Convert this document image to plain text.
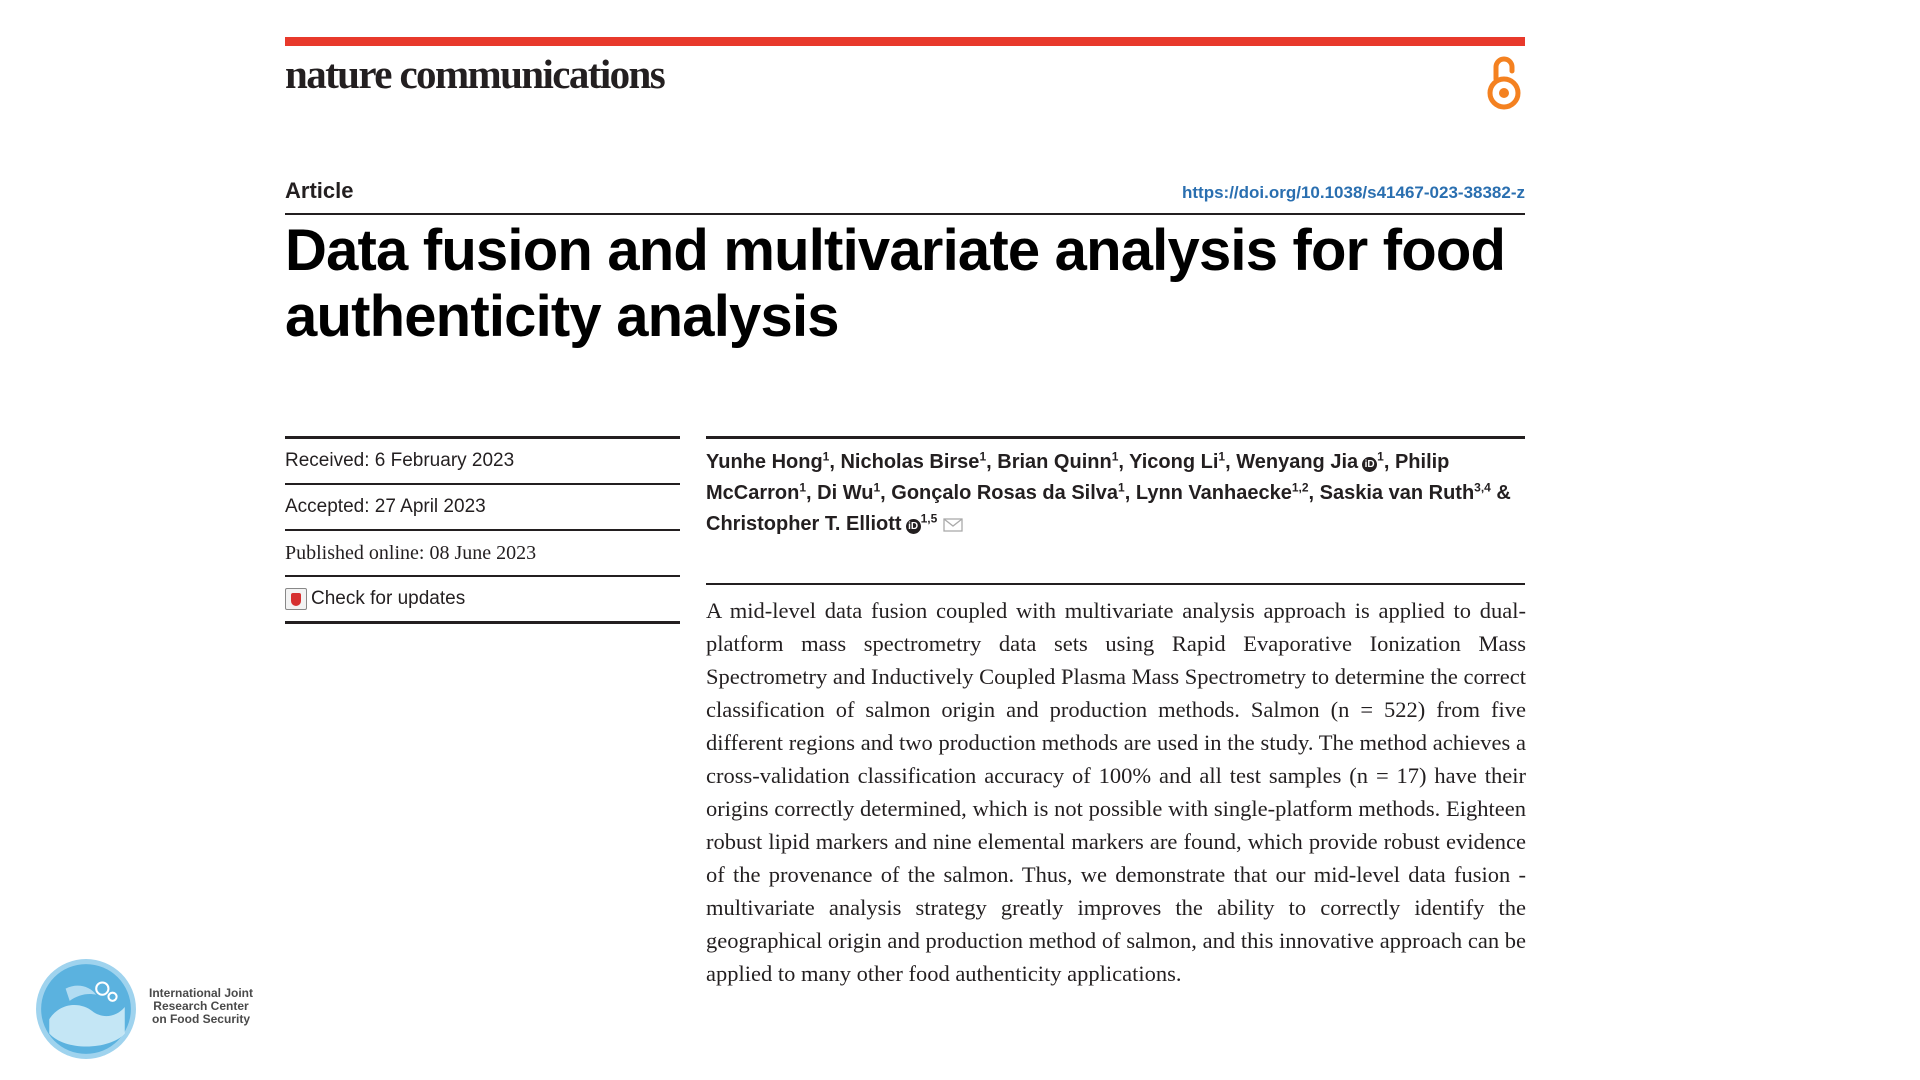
nature communications
Article	https://doi.org/10.1038/s41467-023-38382-z
Data fusion and multivariate analysis for food authenticity analysis
Received: 6 February 2023
Accepted: 27 April 2023
Published online: 08 June 2023
Check for updates

Yunhe Hong$^1$, Nicholas Birse$^1$, Brian Quinn$^1$, Yicong Li$^1$, Wenyang Jia $iD^1$, Philip McCarron$^1$, Di Wu$^1$, Gonçalo Rosas da Silva$^1$, Lynn Vanhaecke$^{1,2}$, Saskia van Ruth$^{3,4}$ & Christopher T. Elliott iD$^{1,5}$

A mid-level data fusion coupled with multivariate analysis approach is applied to dual-platform mass spectrometry data sets using Rapid Evaporative Ionization Mass Spectrometry and Inductively Coupled Plasma Mass Spectrometry to determine the correct classification of salmon origin and production methods. Salmon (n = 522) from five different regions and two production methods are used in the study. The method achieves a cross-validation classification accuracy of 100% and all test samples (n = 17) have their origins correctly determined, which is not possible with single-platform methods. Eighteen robust lipid markers and nine elemental markers are found, which provide robust evidence of the provenance of the salmon. Thus, we demonstrate that our mid-level data fusion - multivariate analysis strategy greatly improves the ability to correctly identify the geographical origin and production method of salmon, and this innovative approach can be applied to many other food authenticity applications.

International Joint
Research Center
on Food Security
